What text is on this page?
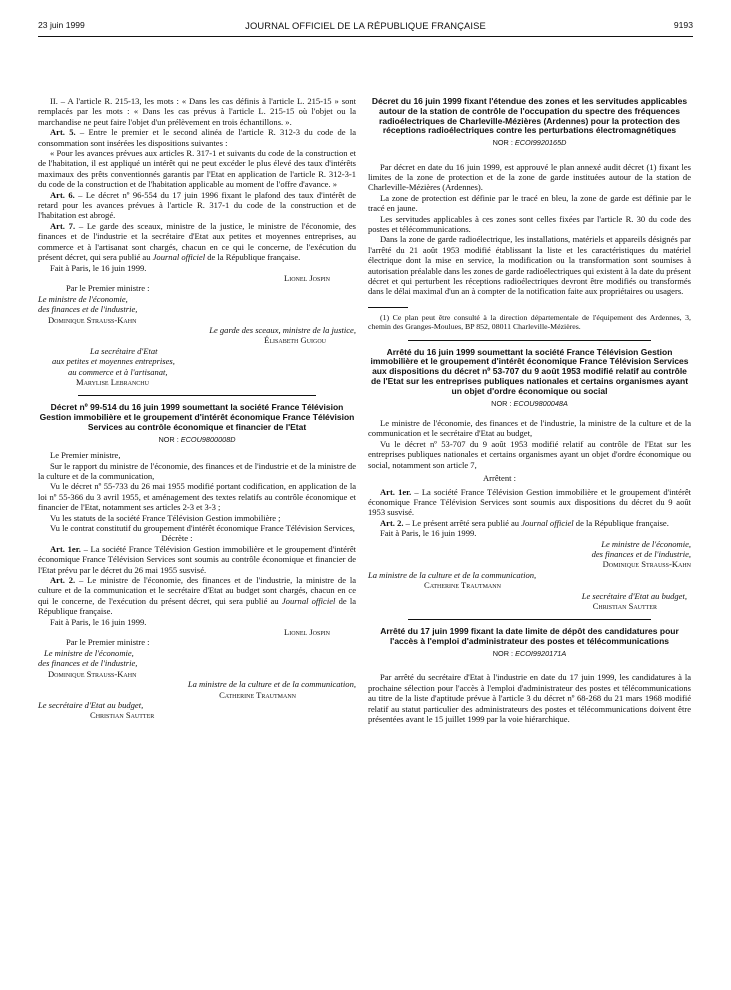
23 juin 1999	JOURNAL OFFICIEL DE LA RÉPUBLIQUE FRANÇAISE	9193

II. – A l'article R. 215-13, les mots : « Dans les cas définis à l'article L. 215-15 » sont remplacés par les mots : « Dans les cas prévus à l'article L. 215-15 où l'objet ou la marchandise ne peut faire l'objet d'un prélèvement en trois échantillons. ».

Art. 5. – Entre le premier et le second alinéa de l'article R. 312-3 du code de la consommation sont insérées les dispositions suivantes :

« Pour les avances prévues aux articles R. 317-1 et suivants du code de la construction et de l'habitation, il est appliqué un intérêt qui ne peut excéder le plus élevé des taux d'intérêts maximaux des prêts conventionnés garantis par l'Etat en application de l'article R. 312-3-1 du code de la construction et de l'habitation applicable au moment de l'offre d'avance. »

Art. 6. – Le décret nº 96-554 du 17 juin 1996 fixant le plafond des taux d'intérêt de retard pour les avances prévues à l'article R. 317-1 du code de la construction et de l'habitation est abrogé.

Art. 7. – Le garde des sceaux, ministre de la justice, le ministre de l'économie, des finances et de l'industrie et la secrétaire d'Etat aux petites et moyennes entreprises, au commerce et à l'artisanat sont chargés, chacun en ce qui le concerne, de l'exécution du présent décret, qui sera publié au Journal officiel de la République française.

Fait à Paris, le 16 juin 1999.

Lionel Jospin

Par le Premier ministre :

Le ministre de l'économie,

des finances et de l'industrie,

Dominique Strauss-Kahn

Le garde des sceaux, ministre de la justice,

Élisabeth Guigou

La secrétaire d'Etat

aux petites et moyennes entreprises,

au commerce et à l'artisanat,

Marylise Lebranchu

Décret nº 99-514 du 16 juin 1999 soumettant la société France Télévision Gestion immobilière et le groupement d'intérêt économique France Télévision Services au contrôle économique et financier de l'Etat

NOR : ECOU9800008D

Le Premier ministre,

Sur le rapport du ministre de l'économie, des finances et de l'industrie et de la ministre de la culture et de la communication,

Vu le décret nº 55-733 du 26 mai 1955 modifié portant codification, en application de la loi nº 55-366 du 3 avril 1955, et aménagement des textes relatifs au contrôle économique et financier de l'Etat, notamment ses articles 2-3 et 3-3 ;

Vu les statuts de la société France Télévision Gestion immobilière ;

Vu le contrat constitutif du groupement d'intérêt économique France Télévision Services,

Décrète :

Art. 1er. – La société France Télévision Gestion immobilière et le groupement d'intérêt économique France Télévision Services sont soumis au contrôle économique et financier de l'Etat prévu par le décret du 26 mai 1955 susvisé.

Art. 2. – Le ministre de l'économie, des finances et de l'industrie, la ministre de la culture et de la communication et le secrétaire d'Etat au budget sont chargés, chacun en ce qui le concerne, de l'exécution du présent décret, qui sera publié au Journal officiel de la République française.

Fait à Paris, le 16 juin 1999.

Lionel Jospin

Par le Premier ministre :

Le ministre de l'économie,

des finances et de l'industrie,

Dominique Strauss-Kahn

La ministre de la culture et de la communication,

Catherine Trautmann

Le secrétaire d'Etat au budget,

Christian Sautter

Décret du 16 juin 1999 fixant l'étendue des zones et les servitudes applicables autour de la station de contrôle de l'occupation du spectre des fréquences radioélectriques de Charleville-Mézières (Ardennes) pour la protection des réceptions radioélectriques contre les perturbations électromagnétiques

NOR : ECOI9920165D

Par décret en date du 16 juin 1999, est approuvé le plan annexé audit décret (1) fixant les limites de la zone de protection et de la zone de garde instituées autour de la station de Charleville-Mézières (Ardennes).

La zone de protection est définie par le tracé en bleu, la zone de garde est définie par le tracé en jaune.

Les servitudes applicables à ces zones sont celles fixées par l'article R. 30 du code des postes et télécommunications.

Dans la zone de garde radioélectrique, les installations, matériels et appareils désignés par l'arrêté du 21 août 1953 modifié établissant la liste et les caractéristiques du matériel électrique dont la mise en service, la modification ou la transformation sont soumises à autorisation préalable dans les zones de garde radioélectriques qui existent à la date du présent décret et qui perturbent les réceptions radioélectriques devront être modifiés ou transformés dans le délai maximal d'un an à compter de la notification faite aux propriétaires ou usagers.

(1) Ce plan peut être consulté à la direction départementale de l'équipement des Ardennes, 3, chemin des Granges-Moulues, BP 852, 08011 Charleville-Mézières.

Arrêté du 16 juin 1999 soumettant la société France Télévision Gestion immobilière et le groupement d'intérêt économique France Télévision Services aux dispositions du décret nº 53-707 du 9 août 1953 modifié relatif au contrôle de l'Etat sur les entreprises publiques nationales et certains organismes ayant un objet d'ordre économique ou social

NOR : ECOU9800048A

Le ministre de l'économie, des finances et de l'industrie, la ministre de la culture et de la communication et le secrétaire d'Etat au budget,

Vu le décret nº 53-707 du 9 août 1953 modifié relatif au contrôle de l'Etat sur les entreprises publiques nationales et certains organismes ayant un objet d'ordre économique ou social, notamment son article 7,

Arrêtent :

Art. 1er. – La société France Télévision Gestion immobilière et le groupement d'intérêt économique France Télévision Services sont soumis aux dispositions du décret du 9 août 1953 susvisé.

Art. 2. – Le présent arrêté sera publié au Journal officiel de la République française.

Fait à Paris, le 16 juin 1999.

Le ministre de l'économie,

des finances et de l'industrie,

Dominique Strauss-Kahn

La ministre de la culture et de la communication,

Catherine Trautmann

Le secrétaire d'Etat au budget,

Christian Sautter

Arrêté du 17 juin 1999 fixant la date limite de dépôt des candidatures pour l'accès à l'emploi d'administrateur des postes et télécommunications

NOR : ECOI9920171A

Par arrêté du secrétaire d'Etat à l'industrie en date du 17 juin 1999, les candidatures à la prochaine sélection pour l'accès à l'emploi d'administrateur des postes et télécommunications au titre de la liste d'aptitude prévue à l'article 3 du décret nº 68-268 du 21 mars 1968 modifié relatif au statut particulier des administrateurs des postes et télécommunications doivent être présentées avant le 15 juillet 1999 par la voie hiérarchique.
